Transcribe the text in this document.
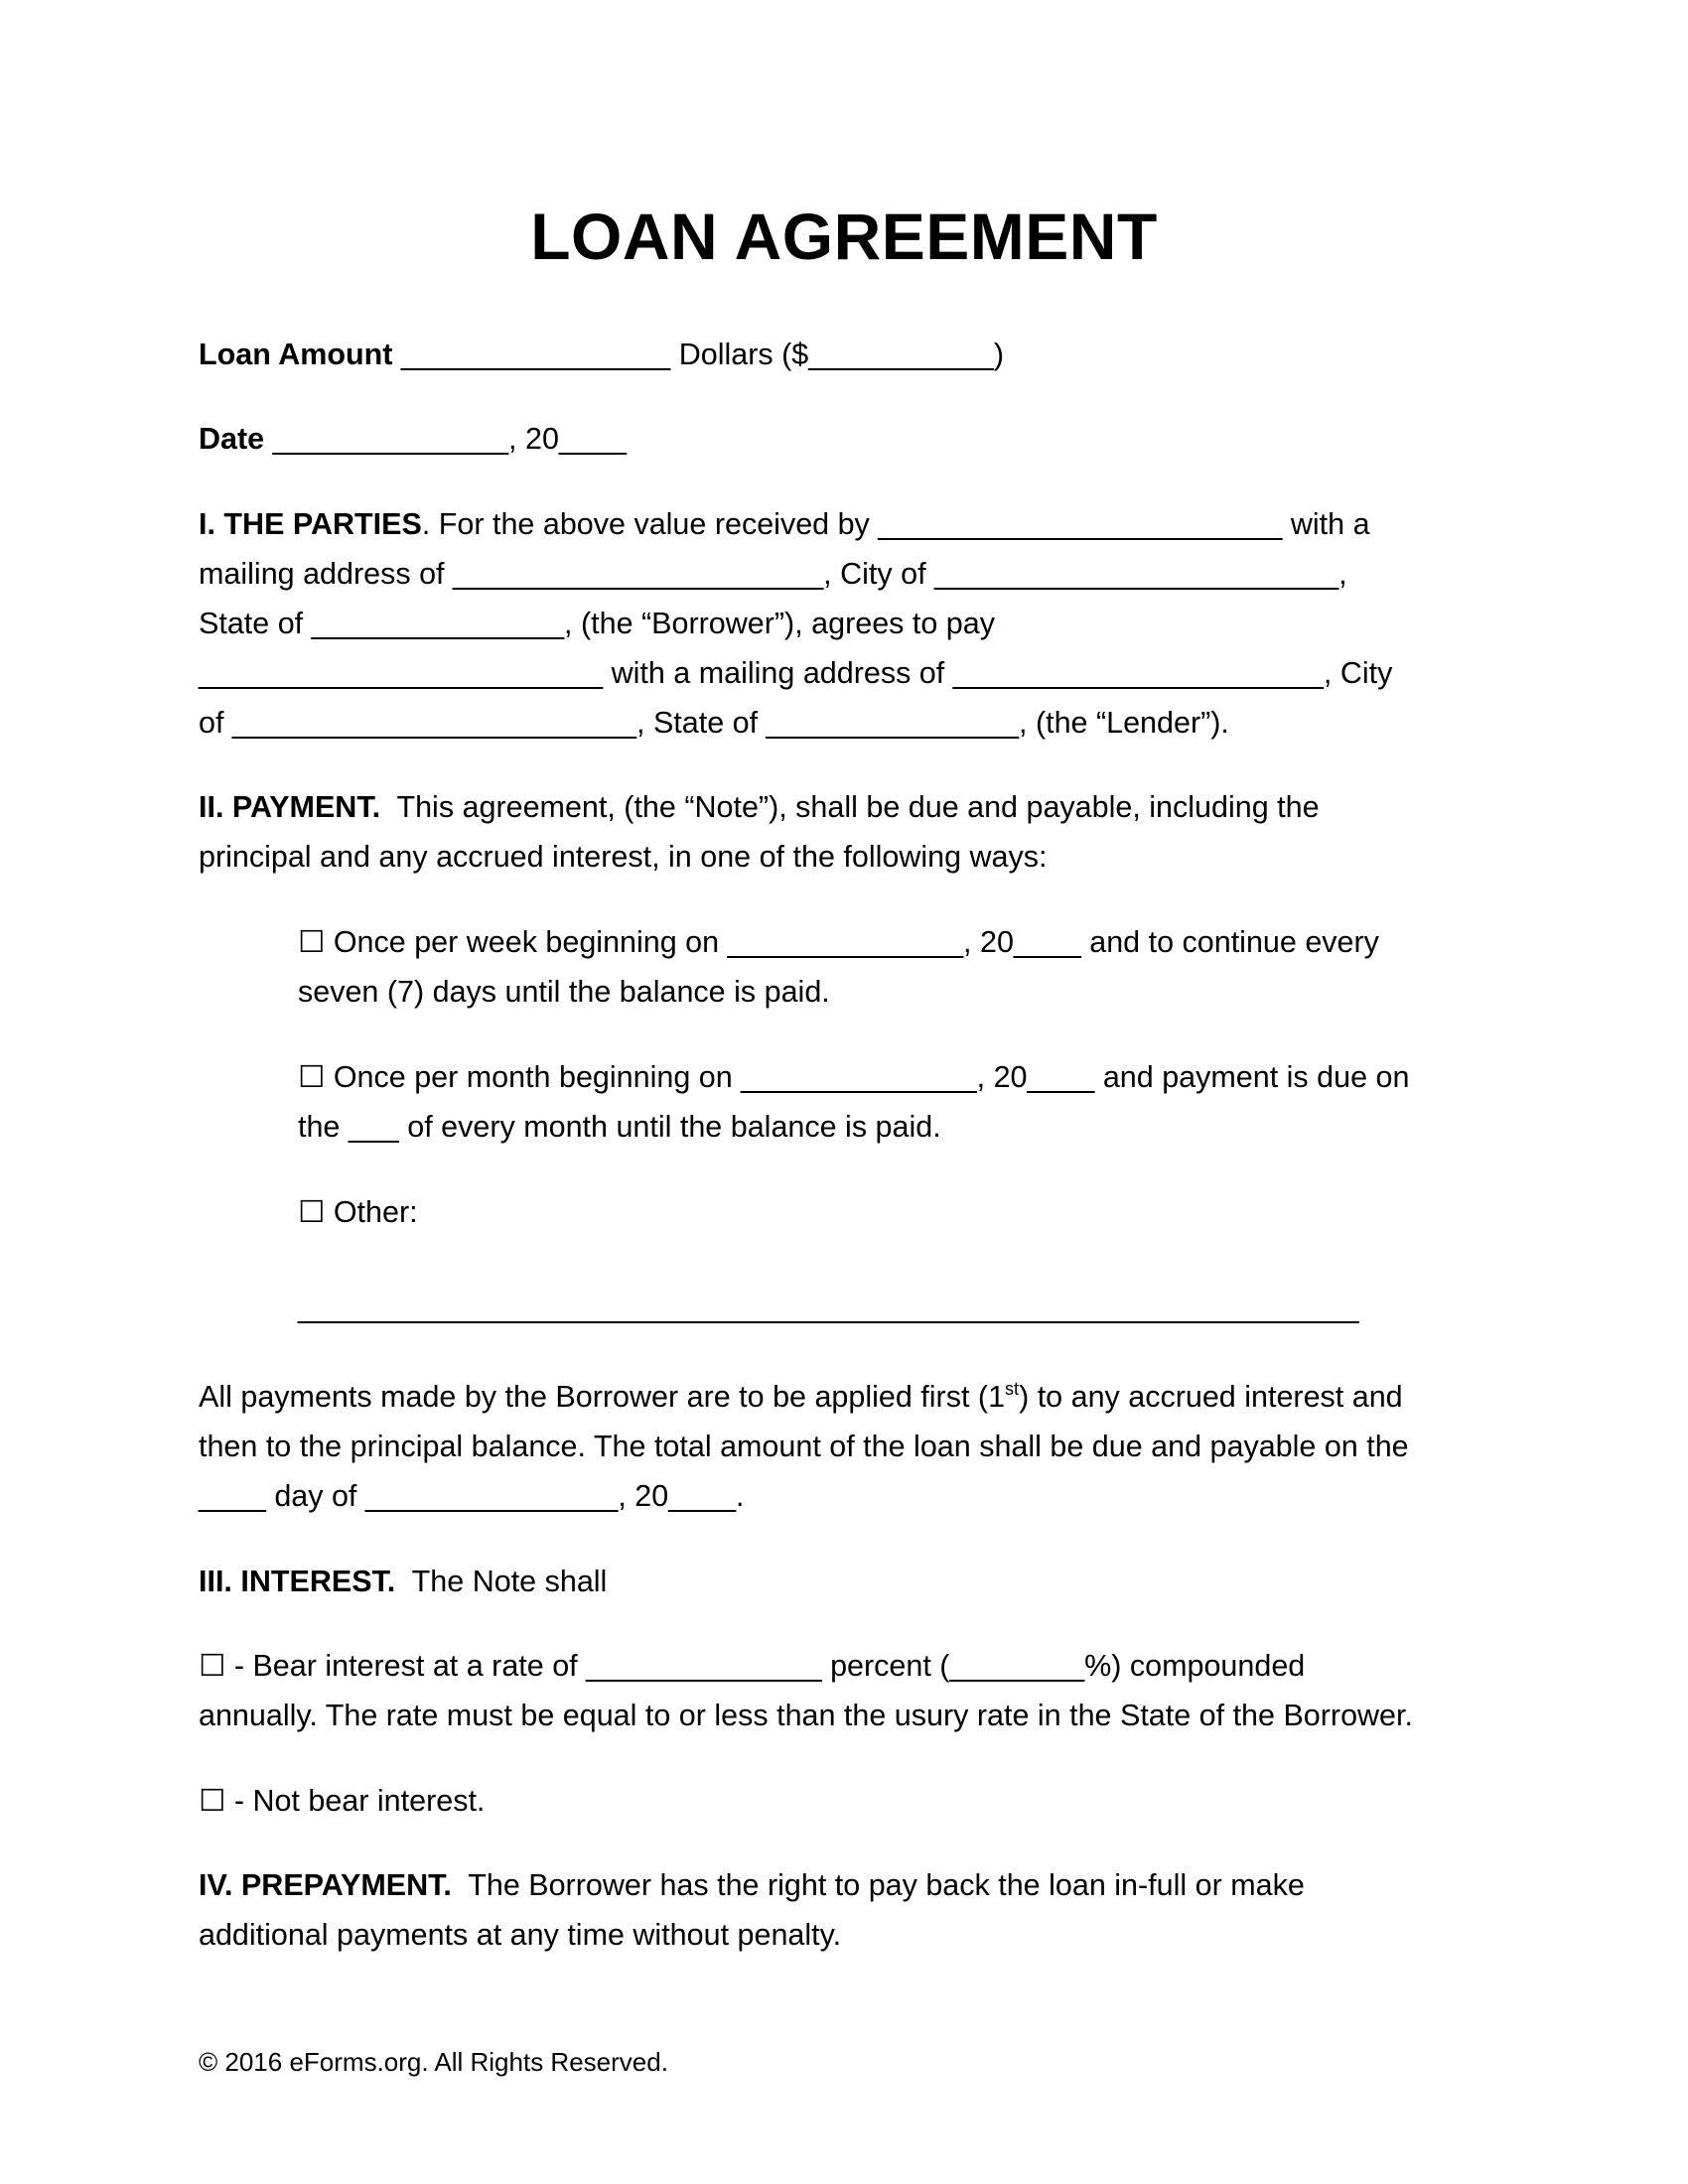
LOAN AGREEMENT
Loan Amount ________________ Dollars ($___________)
Date ______________, 20____
I. THE PARTIES. For the above value received by ________________________ with a
mailing address of ______________________, City of ________________________,
State of _______________, (the “Borrower”), agrees to pay
________________________ with a mailing address of ______________________, City
of ________________________, State of _______________, (the “Lender”).
II. PAYMENT.  This agreement, (the “Note”), shall be due and payable, including the
principal and any accrued interest, in one of the following ways:
☐ Once per week beginning on ______________, 20____ and to continue every
seven (7) days until the balance is paid.
☐ Once per month beginning on ______________, 20____ and payment is due on
the ___ of every month until the balance is paid.
☐ Other:
_______________________________________________________________
All payments made by the Borrower are to be applied first (1st) to any accrued interest and
then to the principal balance. The total amount of the loan shall be due and payable on the
____ day of _______________, 20____.
III. INTEREST.  The Note shall
☐ - Bear interest at a rate of ______________ percent (________%) compounded
annually. The rate must be equal to or less than the usury rate in the State of the Borrower.
☐ - Not bear interest.
IV. PREPAYMENT.  The Borrower has the right to pay back the loan in-full or make
additional payments at any time without penalty.
© 2016 eForms.org. All Rights Reserved.
